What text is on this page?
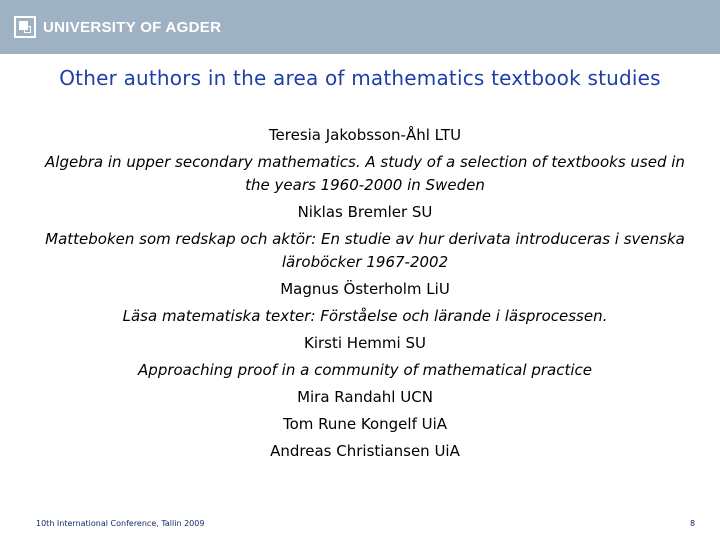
UNIVERSITY OF AGDER
Other authors in the area of mathematics textbook studies

Teresia Jakobsson-Åhl LTU

Algebra in upper secondary mathematics. A study of a selection of textbooks used in the years 1960-2000 in Sweden

Niklas Bremler SU

Matteboken som redskap och aktör: En studie av hur derivata introduceras i svenska läroböcker 1967-2002

Magnus Österholm LiU

Läsa matematiska texter: Förståelse och lärande i läsprocessen.

Kirsti Hemmi SU

Approaching proof in a community of mathematical practice

Mira Randahl UCN

Tom Rune Kongelf UiA

Andreas Christiansen UiA

10th International Conference, Tallin 2009	8
